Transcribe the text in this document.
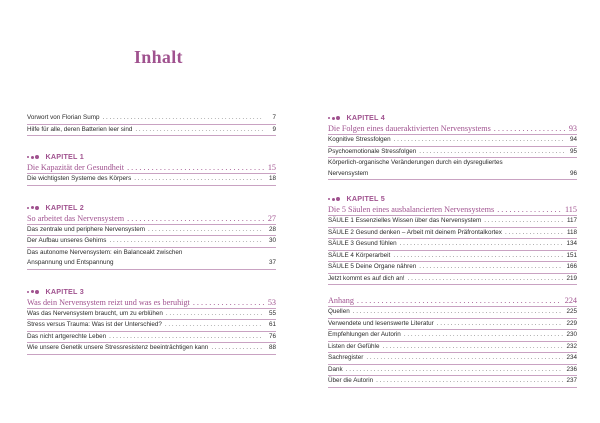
Inhalt
Vorwort von Florian Sump . . .	7
Hilfe für alle, deren Batterien leer sind . . .	9
KAPITEL 1
Die Kapazität der Gesundheit . . .	15
Die wichtigsten Systeme des Körpers . . .	18
KAPITEL 2
So arbeitet das Nervensystem . . .	27
Das zentrale und periphere Nervensystem . . .	28
Der Aufbau unseres Gehirns . . .	30
Das autonome Nervensystem: ein Balanceakt zwischen Anspannung und Entspannung	37
KAPITEL 3
Was dein Nervensystem reizt und was es beruhigt . . .	53
Was das Nervensystem braucht, um zu erblühen . . .	55
Stress versus Trauma: Was ist der Unterschied? . . .	61
Das nicht artgerechte Leben . . .	76
Wie unsere Genetik unsere Stressresistenz beeinträchtigen kann . . .	88
KAPITEL 4
Die Folgen eines daueraktivierten Nervensystems . . .	93
Kognitive Stressfolgen . . .	94
Psychoemotionale Stressfolgen . . .	95
Körperlich-organische Veränderungen durch ein dysreguliertes Nervensystem	96
KAPITEL 5
Die 5 Säulen eines ausbalancierten Nervensystems . . .	115
SÄULE 1 Essenzielles Wissen über das Nervensystem . . .	117
SÄULE 2 Gesund denken – Arbeit mit deinem Präfrontalkortex . . .	118
SÄULE 3 Gesund fühlen . . .	134
SÄULE 4 Körperarbeit . . .	151
SÄULE 5 Deine Organe nähren . . .	166
Jetzt kommt es auf dich an! . . .	219
Anhang . . .	224
Quellen . . .	225
Verwendete und lesenswerte Literatur . . .	229
Empfehlungen der Autorin . . .	230
Listen der Gefühle . . .	232
Sachregister . . .	234
Dank . . .	236
Über die Autorin . . .	237
